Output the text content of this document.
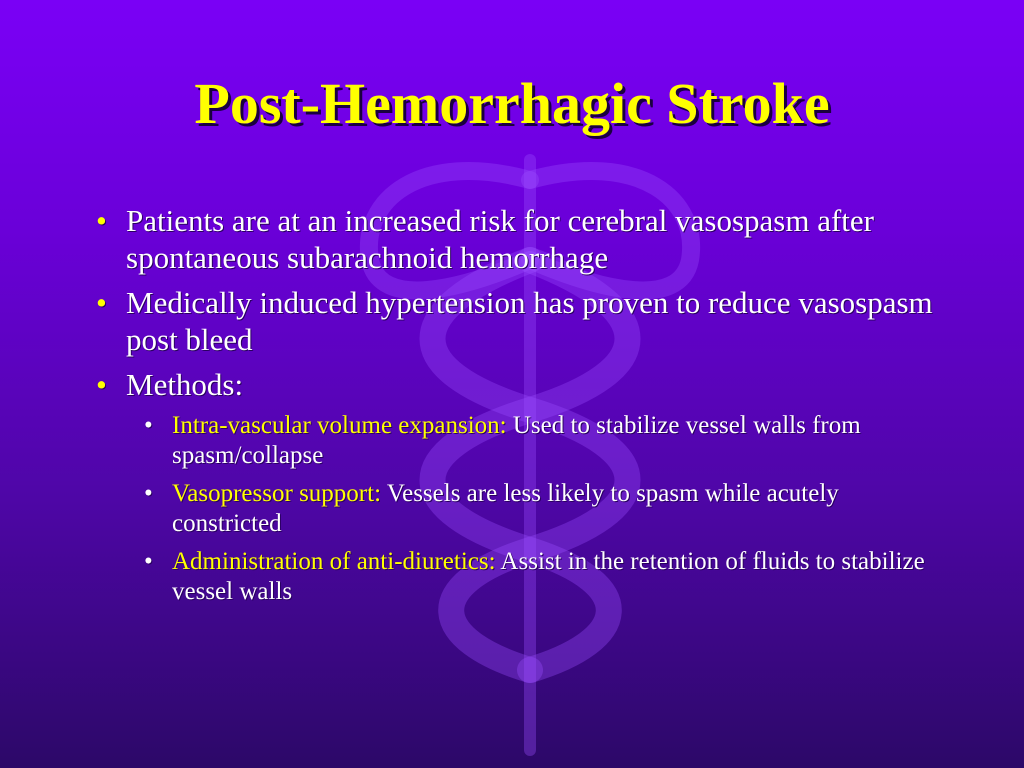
Post-Hemorrhagic Stroke
• Patients are at an increased risk for cerebral vasospasm after spontaneous subarachnoid hemorrhage
• Medically induced hypertension has proven to reduce vasospasm post bleed
• Methods:
• Intra-vascular volume expansion: Used to stabilize vessel walls from spasm/collapse
• Vasopressor support: Vessels are less likely to spasm while acutely constricted
• Administration of anti-diuretics: Assist in the retention of fluids to stabilize vessel walls
